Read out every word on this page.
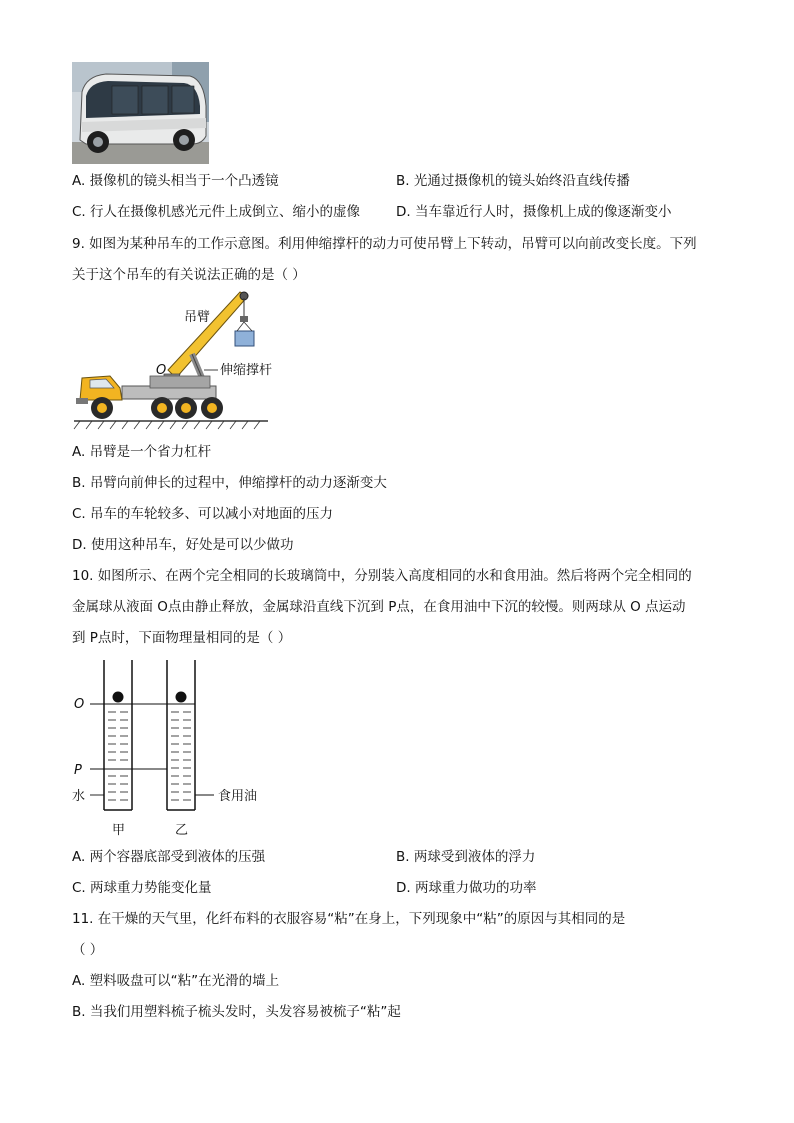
A. 摄像机的镜头相当于一个凸透镜	B. 光通过摄像机的镜头始终沿直线传播
C. 行人在摄像机感光元件上成倒立、缩小的虚像	D. 当车靠近行人时，摄像机上成的像逐渐变小
9. 如图为某种吊车的工作示意图。利用伸缩撑杆的动力可使吊臂上下转动，吊臂可以向前改变长度。下列
关于这个吊车的有关说法正确的是（ ）
吊臂
O	伸缩撑杆
A. 吊臂是一个省力杠杆
B. 吊臂向前伸长的过程中，伸缩撑杆的动力逐渐变大
C. 吊车的车轮较多、可以减小对地面的压力
D. 使用这种吊车，好处是可以少做功
10. 如图所示、在两个完全相同的长玻璃筒中，分别装入高度相同的水和食用油。然后将两个完全相同的
金属球从液面 O点由静止释放，金属球沿直线下沉到 P点，在食用油中下沉的较慢。则两球从 O 点运动
到 P点时，下面物理量相同的是（ ）
O
P
水	食用油
甲	乙
A. 两个容器底部受到液体的压强	B. 两球受到液体的浮力
C. 两球重力势能变化量	D. 两球重力做功的功率
11. 在干燥的天气里，化纤布料的衣服容易“粘”在身上，下列现象中“粘”的原因与其相同的是
（ ）
A. 塑料吸盘可以“粘”在光滑的墙上
B. 当我们用塑料梳子梳头发时，头发容易被梳子“粘”起
